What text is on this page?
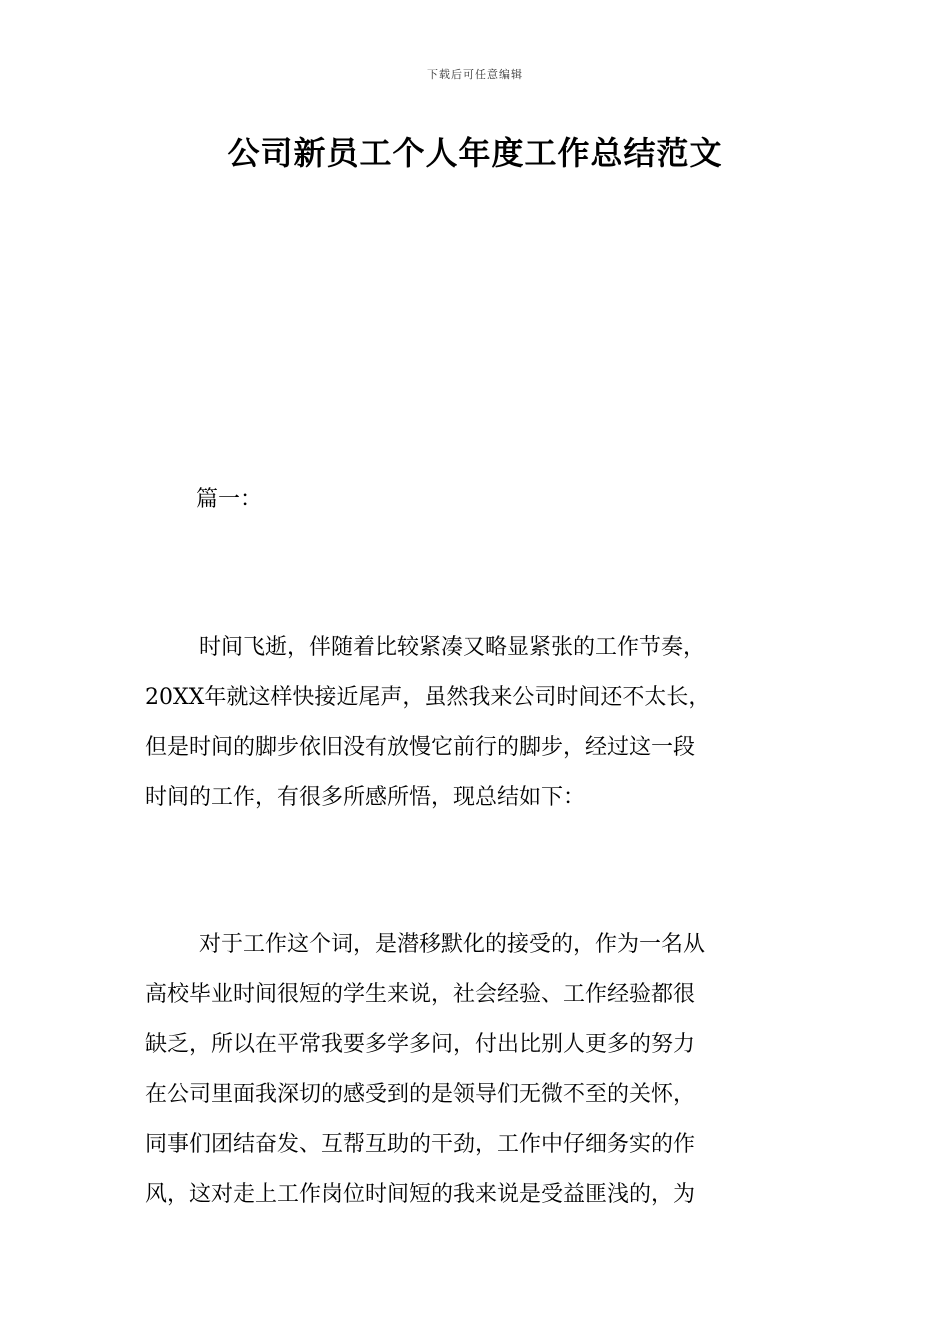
下载后可任意编辑
公司新员工个人年度工作总结范文

篇一：

时间飞逝，伴随着比较紧凑又略显紧张的工作节奏，
20XX年就这样快接近尾声，虽然我来公司时间还不太长，
但是时间的脚步依旧没有放慢它前行的脚步，经过这一段
时间的工作，有很多所感所悟，现总结如下：

对于工作这个词，是潜移默化的接受的，作为一名从
高校毕业时间很短的学生来说，社会经验、工作经验都很
缺乏，所以在平常我要多学多问，付出比别人更多的努力
在公司里面我深切的感受到的是领导们无微不至的关怀，
同事们团结奋发、互帮互助的干劲，工作中仔细务实的作
风，这对走上工作岗位时间短的我来说是受益匪浅的，为
